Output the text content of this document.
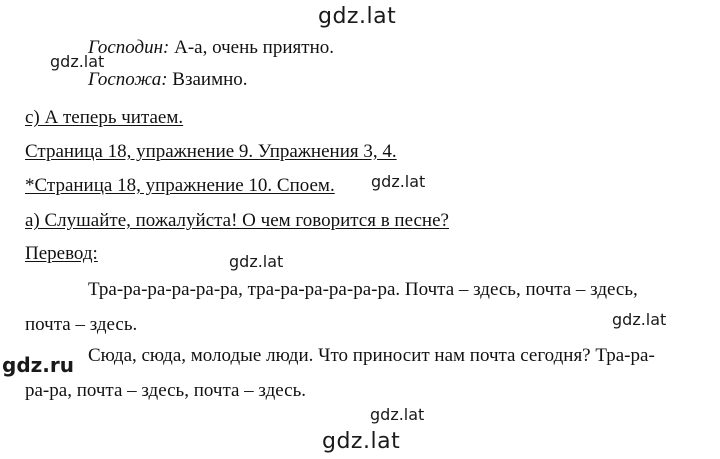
gdz.lat
Господин: А-а, очень приятно.
gdz.lat
Госпожа: Взаимно.
c) А теперь читаем.
Страница 18, упражнение 9. Упражнения 3, 4.
*Страница 18, упражнение 10. Споем. gdz.lat
а) Слушайте, пожалуйста! О чем говорится в песне?
Перевод:	gdz.lat
Тра-ра-ра-ра-ра-ра, тра-ра-ра-ра-ра-ра. Почта – здесь, почта – здесь,
почта – здесь.	gdz.lat
gdz.ru Сюда, сюда, молодые люди. Что приносит нам почта сегодня? Тра-ра-
ра-ра, почта – здесь, почта – здесь.
gdz.lat
gdz.lat
